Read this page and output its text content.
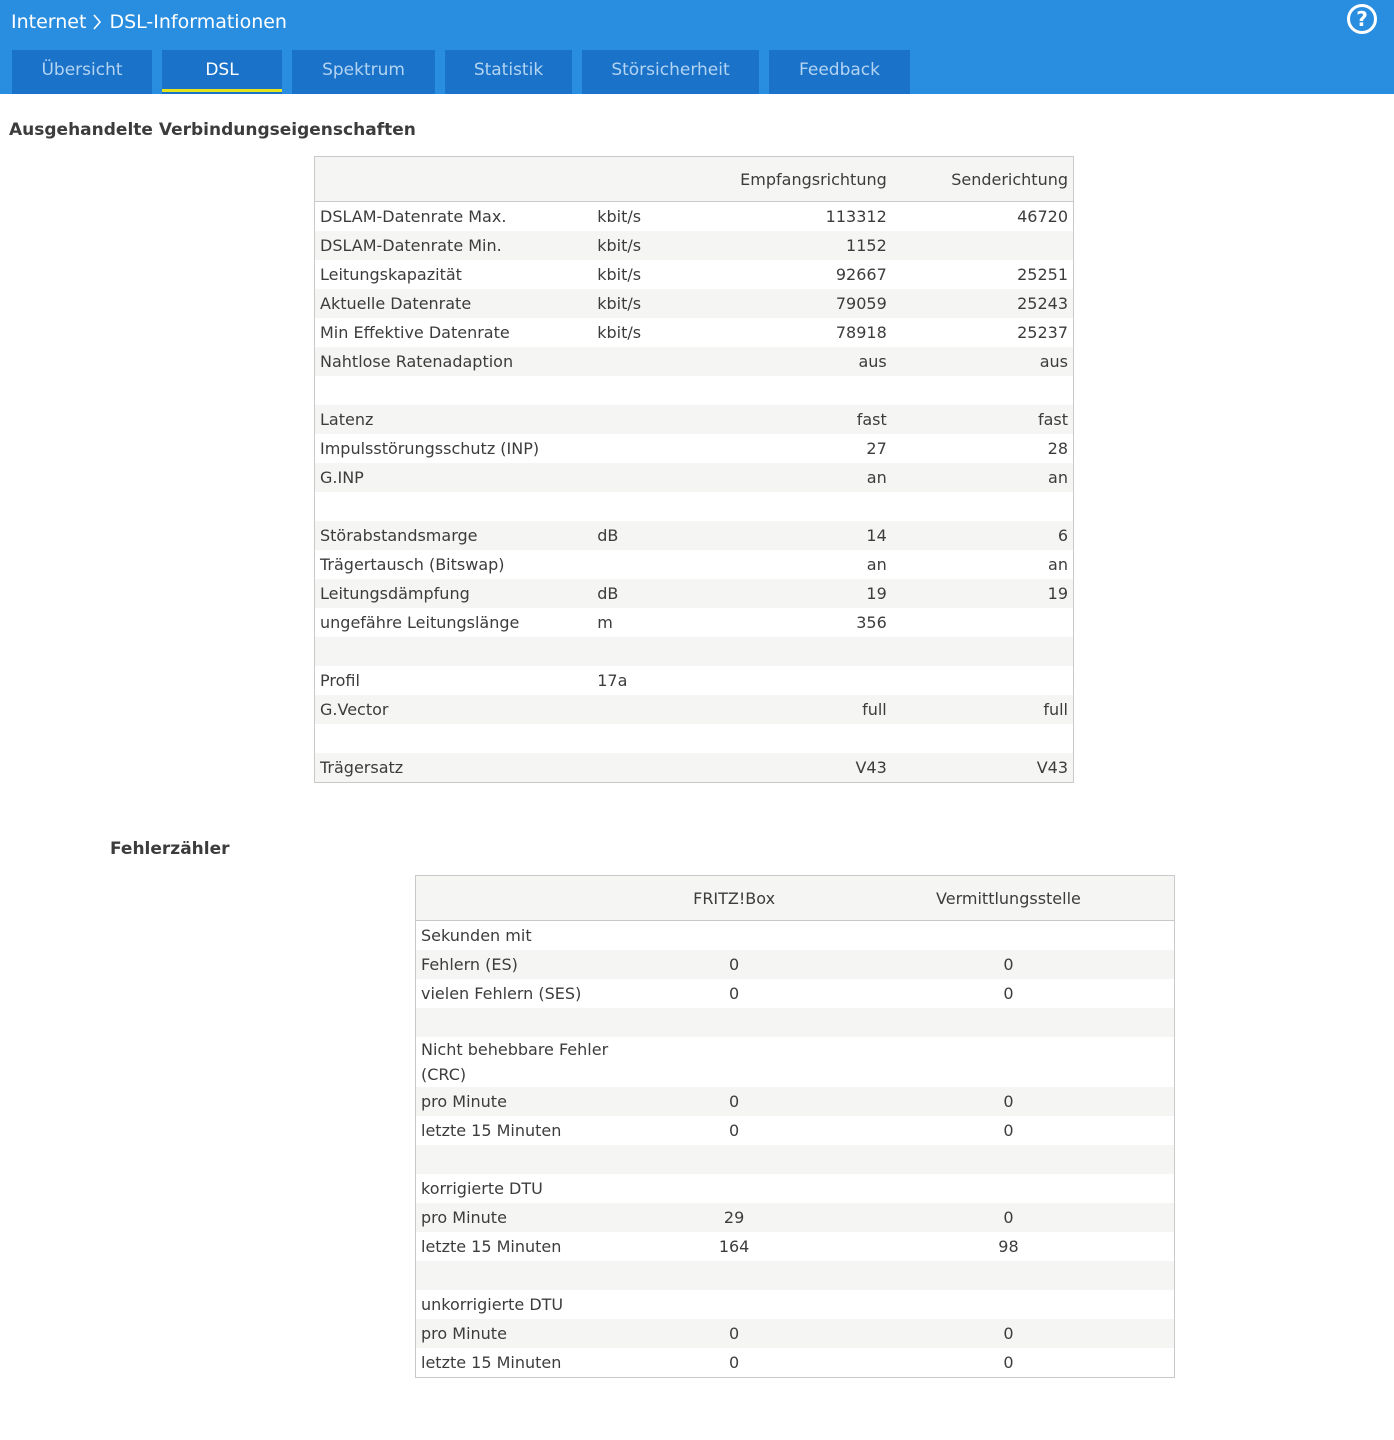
Internet DSL-Informationen	?
Übersicht	DSL	Spektrum	Statistik	Störsicherheit	Feedback
Ausgehandelte Verbindungseigenschaften
		Empfangsrichtung	Senderichtung
DSLAM-Datenrate Max.	kbit/s	113312	46720
DSLAM-Datenrate Min.	kbit/s	1152	
Leitungskapazität	kbit/s	92667	25251
Aktuelle Datenrate	kbit/s	79059	25243
Min Effektive Datenrate	kbit/s	78918	25237
Nahtlose Ratenadaption		aus	aus

Latenz		fast	fast
Impulsstörungsschutz (INP)		27	28
G.INP		an	an

Störabstandsmarge	dB	14	6
Trägertausch (Bitswap)		an	an
Leitungsdämpfung	dB	19	19
ungefähre Leitungslänge	m	356	

Profil	17a		
G.Vector		full	full

Trägersatz		V43	V43
Fehlerzähler
	FRITZ!Box	Vermittlungsstelle
Sekunden mit		
Fehlern (ES)	0	0
vielen Fehlern (SES)	0	0

Nicht behebbare Fehler (CRC)		
pro Minute	0	0
letzte 15 Minuten	0	0

korrigierte DTU		
pro Minute	29	0
letzte 15 Minuten	164	98

unkorrigierte DTU		
pro Minute	0	0
letzte 15 Minuten	0	0
